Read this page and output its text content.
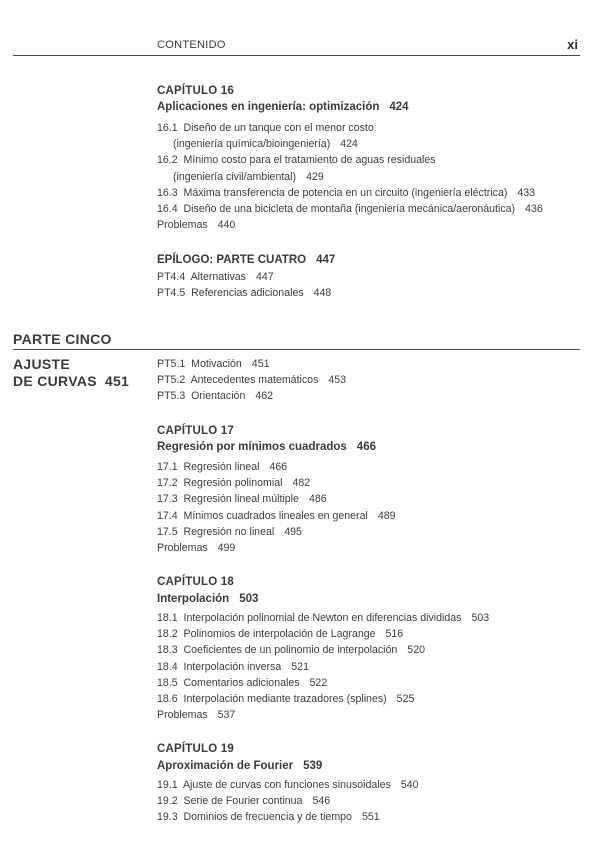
CONTENIDO	xi
CAPÍTULO 16
Aplicaciones en ingeniería: optimización 424
16.1 Diseño de un tanque con el menor costo
(ingeniería química/bioingeniería) 424
16.2 Mínimo costo para el tratamiento de aguas residuales
(ingeniería civil/ambiental) 429
16.3 Máxima transferencia de potencia en un circuito (ingeniería eléctrica) 433
16.4 Diseño de una bicicleta de montaña (ingeniería mecánica/aeronáutica) 436
Problemas 440
EPÍLOGO: PARTE CUATRO 447
PT4.4 Alternativas 447
PT4.5 Referencias adicionales 448
PARTE CINCO
AJUSTE
DE CURVAS 451
PT5.1 Motivación 451
PT5.2 Antecedentes matemáticos 453
PT5.3 Orientación 462
CAPÍTULO 17
Regresión por mínimos cuadrados 466
17.1 Regresión lineal 466
17.2 Regresión polinomial 482
17.3 Regresión lineal múltiple 486
17.4 Mínimos cuadrados lineales en general 489
17.5 Regresión no lineal 495
Problemas 499
CAPÍTULO 18
Interpolación 503
18.1 Interpolación polinomial de Newton en diferencias divididas 503
18.2 Polinomios de interpolación de Lagrange 516
18.3 Coeficientes de un polinomio de interpolación 520
18.4 Interpolación inversa 521
18.5 Comentarios adicionales 522
18.6 Interpolación mediante trazadores (splines) 525
Problemas 537
CAPÍTULO 19
Aproximación de Fourier 539
19.1 Ajuste de curvas con funciones sinusoidales 540
19.2 Serie de Fourier continua 546
19.3 Dominios de frecuencia y de tiempo 551
